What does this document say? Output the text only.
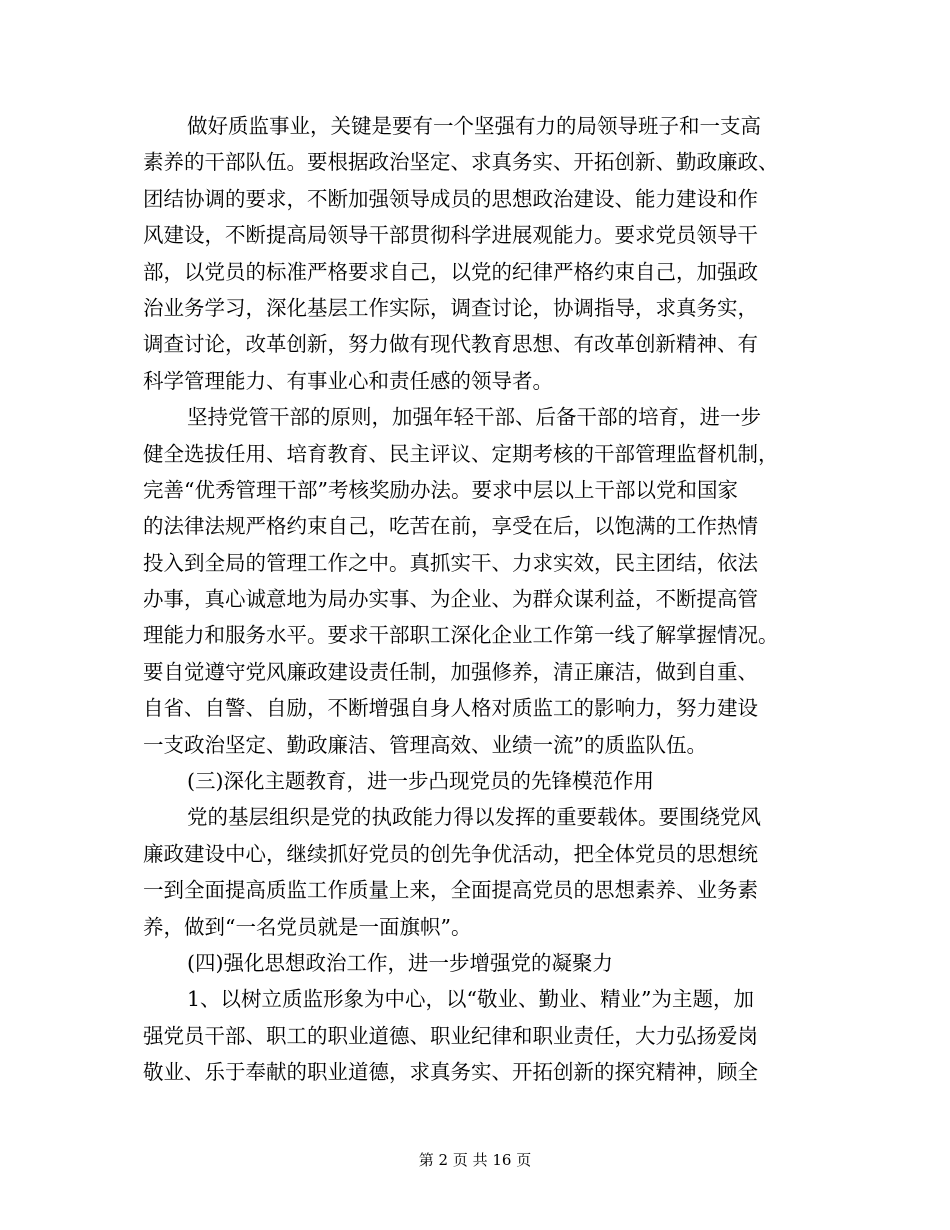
做好质监事业，关键是要有一个坚强有力的局领导班子和一支高
素养的干部队伍。要根据政治坚定、求真务实、开拓创新、勤政廉政、
团结协调的要求，不断加强领导成员的思想政治建设、能力建设和作
风建设，不断提高局领导干部贯彻科学进展观能力。要求党员领导干
部，以党员的标准严格要求自己，以党的纪律严格约束自己，加强政
治业务学习，深化基层工作实际，调查讨论，协调指导，求真务实，
调查讨论，改革创新，努力做有现代教育思想、有改革创新精神、有
科学管理能力、有事业心和责任感的领导者。
坚持党管干部的原则，加强年轻干部、后备干部的培育，进一步
健全选拔任用、培育教育、民主评议、定期考核的干部管理监督机制，
完善“优秀管理干部”考核奖励办法。要求中层以上干部以党和国家
的法律法规严格约束自己，吃苦在前，享受在后，以饱满的工作热情
投入到全局的管理工作之中。真抓实干、力求实效，民主团结，依法
办事，真心诚意地为局办实事、为企业、为群众谋利益，不断提高管
理能力和服务水平。要求干部职工深化企业工作第一线了解掌握情况。
要自觉遵守党风廉政建设责任制，加强修养，清正廉洁，做到自重、
自省、自警、自励，不断增强自身人格对质监工的影响力，努力建设
一支政治坚定、勤政廉洁、管理高效、业绩一流”的质监队伍。
(三)深化主题教育，进一步凸现党员的先锋模范作用
党的基层组织是党的执政能力得以发挥的重要载体。要围绕党风
廉政建设中心，继续抓好党员的创先争优活动，把全体党员的思想统
一到全面提高质监工作质量上来，全面提高党员的思想素养、业务素
养，做到“一名党员就是一面旗帜”。
(四)强化思想政治工作，进一步增强党的凝聚力
1、以树立质监形象为中心，以“敬业、勤业、精业”为主题，加
强党员干部、职工的职业道德、职业纪律和职业责任，大力弘扬爱岗
敬业、乐于奉献的职业道德，求真务实、开拓创新的探究精神，顾全
第 2 页 共 16 页
